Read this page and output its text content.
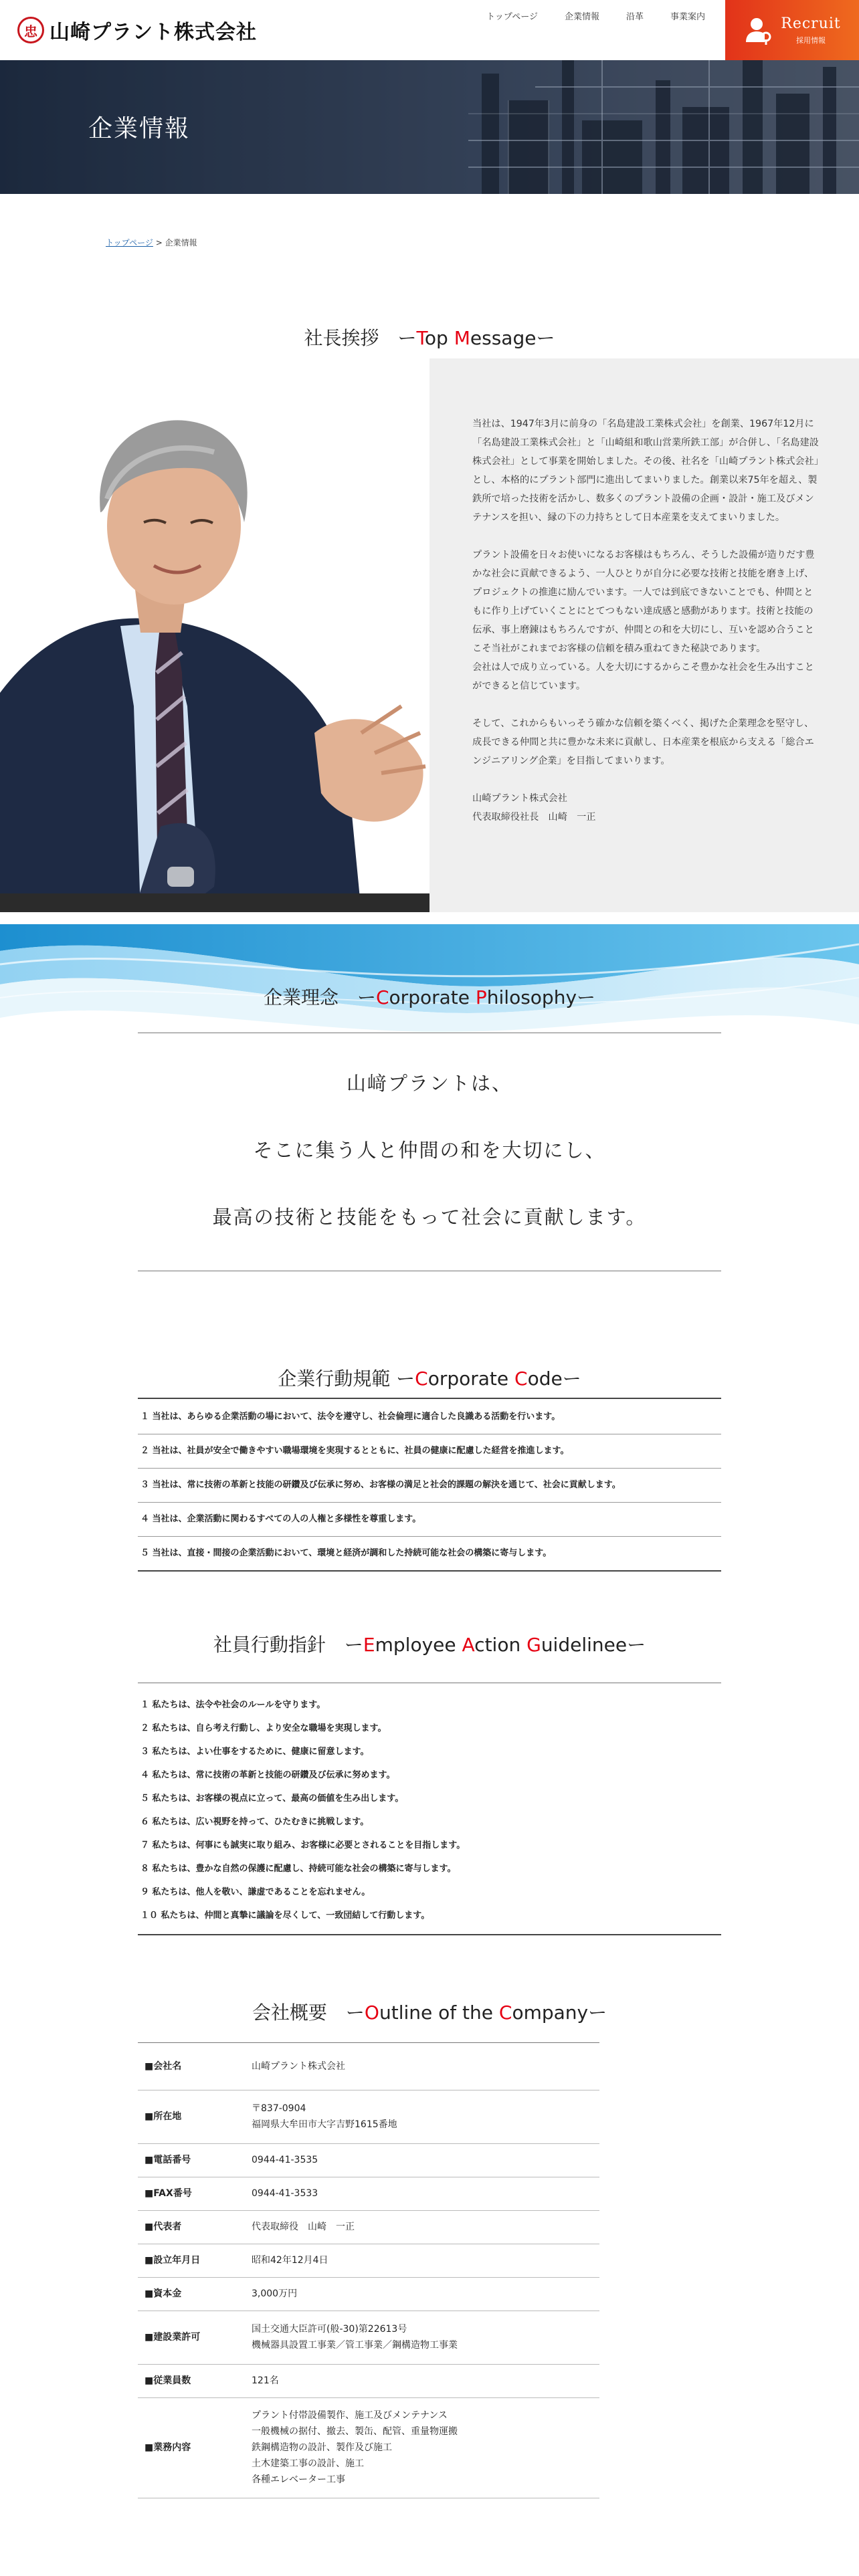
忠 山崎プラント株式会社
トップページ	企業情報	沿革	事業案内	Recruit
採用情報
企業情報
トップページ > 企業情報
社長挨拶　ーTop Messageー

当社は、1947年3月に前身の「名島建設工業株式会社」を創業、1967年12月に「名島建設工業株式会社」と「山崎組和歌山営業所鉄工部」が合併し、「名島建設株式会社」として事業を開始しました。その後、社名を「山崎プラント株式会社」とし、本格的にプラント部門に進出してまいりました。創業以来75年を超え、製鉄所で培った技術を活かし、数多くのプラント設備の企画・設計・施工及びメンテナンスを担い、縁の下の力持ちとして日本産業を支えてまいりました。

プラント設備を日々お使いになるお客様はもちろん、そうした設備が造りだす豊かな社会に貢献できるよう、一人ひとりが自分に必要な技術と技能を磨き上げ、プロジェクトの推進に励んでいます。一人では到底できないことでも、仲間とともに作り上げていくことにとてつもない達成感と感動があります。技術と技能の伝承、事上磨錬はもちろんですが、仲間との和を大切にし、互いを認め合うことこそ当社がこれまでお客様の信頼を積み重ねてきた秘訣であります。
会社は人で成り立っている。人を大切にするからこそ豊かな社会を生み出すことができると信じています。

そして、これからもいっそう確かな信頼を築くべく、掲げた企業理念を堅守し、成長できる仲間と共に豊かな未来に貢献し、日本産業を根底から支える「総合エンジニアリング企業」を目指してまいります。

山崎プラント株式会社
代表取締役社長　山崎　一正

企業理念　ーCorporate Philosophyー
山﨑プラントは、
そこに集う人と仲間の和を大切にし、
最高の技術と技能をもって社会に貢献します。
企業行動規範 ーCorporate Codeー
１ 当社は、あらゆる企業活動の場において、法令を遵守し、社会倫理に適合した良識ある活動を行います。
２ 当社は、社員が安全で働きやすい職場環境を実現するとともに、社員の健康に配慮した経営を推進します。
３ 当社は、常に技術の革新と技能の研鑽及び伝承に努め、お客様の満足と社会的課題の解決を通じて、社会に貢献します。
４ 当社は、企業活動に関わるすべての人の人権と多様性を尊重します。
５ 当社は、直接・間接の企業活動において、環境と経済が調和した持続可能な社会の構築に寄与します。
社員行動指針　ーEmployee Action Guidelineeー
１ 私たちは、法令や社会のルールを守ります。
２ 私たちは、自ら考え行動し、より安全な職場を実現します。
３ 私たちは、よい仕事をするために、健康に留意します。
４ 私たちは、常に技術の革新と技能の研鑽及び伝承に努めます。
５ 私たちは、お客様の視点に立って、最高の価値を生み出します。
６ 私たちは、広い視野を持って、ひたむきに挑戦します。
７ 私たちは、何事にも誠実に取り組み、お客様に必要とされることを目指します。
８ 私たちは、豊かな自然の保護に配慮し、持続可能な社会の構築に寄与します。
９ 私たちは、他人を敬い、謙虚であることを忘れません。
１０ 私たちは、仲間と真摯に議論を尽くして、一致団結して行動します。
会社概要　ーOutline of the Companyー
■会社名	山崎プラント株式会社
■所在地	〒837-0904
福岡県大牟田市大字吉野1615番地
■電話番号	0944-41-3535
■FAX番号	0944-41-3533
■代表者	代表取締役　山崎　一正
■設立年月日	昭和42年12月4日
■資本金	3,000万円
■建設業許可	国土交通大臣許可(般-30)第22613号
機械器具設置工事業／管工事業／鋼構造物工事業
■従業員数	121名
■業務内容	プラント付帯設備製作、施工及びメンテナンス
一般機械の据付、撤去、製缶、配管、重量物運搬
鉄鋼構造物の設計、製作及び施工
土木建築工事の設計、施工
各種エレベーター工事
